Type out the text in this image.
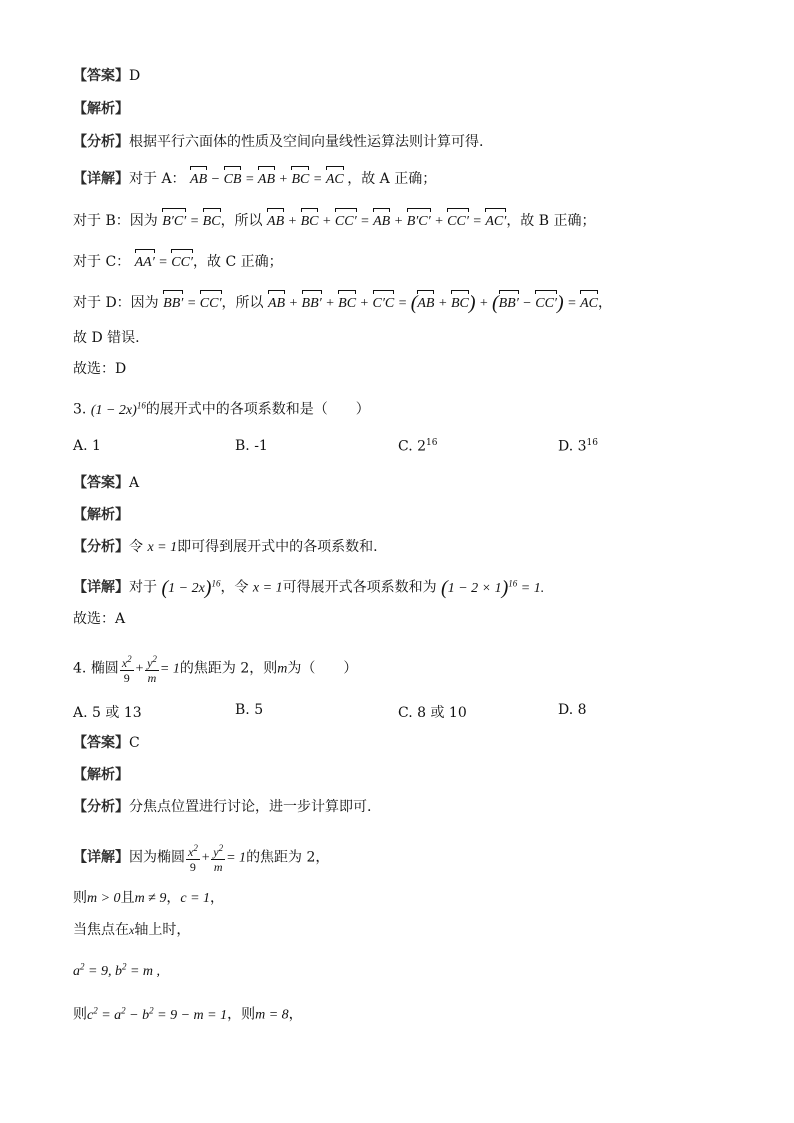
【答案】D
【解析】
【分析】根据平行六面体的性质及空间向量线性运算法则计算可得.
【详解】对于 A： AB − CB = AB + BC = AC ，故 A 正确；
对于 B：因为 B′C′ = BC，所以 AB + BC + CC′ = AB + B′C′ + CC′ = AC′，故 B 正确；
对于 C： AA′ = CC′，故 C 正确；
对于 D：因为 BB′ = CC′，所以 AB + BB′ + BC + C′C = (AB + BC) + (BB′ − CC′) = AC，
故 D 错误.
故选：D
3. $(1 - 2x)^{16}$的展开式中的各项系数和是（　　）
A. 1	B. -1	C. $2^{16}$	D. $3^{16}$
【答案】A
【解析】
【分析】令 x = 1即可得到展开式中的各项系数和.
【详解】对于 $(1 - 2x)^{16}$，令 x = 1可得展开式各项系数和为 $(1 - 2 \times 1)^{16} = 1$.
故选：A
4. 椭圆 $\frac{x^2}{9} + \frac{y^2}{m} = 1$的焦距为 2，则m为（　　）
A. 5 或 13	B. 5	C. 8 或 10	D. 8
【答案】C
【解析】
【分析】分焦点位置进行讨论，进一步计算即可.
【详解】因为椭圆 $\frac{x^2}{9} + \frac{y^2}{m} = 1$的焦距为 2，
则m > 0且m ≠ 9，c = 1，
当焦点在x轴上时，
$a^2 = 9$, $b^2 = m$ ,
则$c^2 = a^2 - b^2 = 9 - m = 1$，则m = 8，
